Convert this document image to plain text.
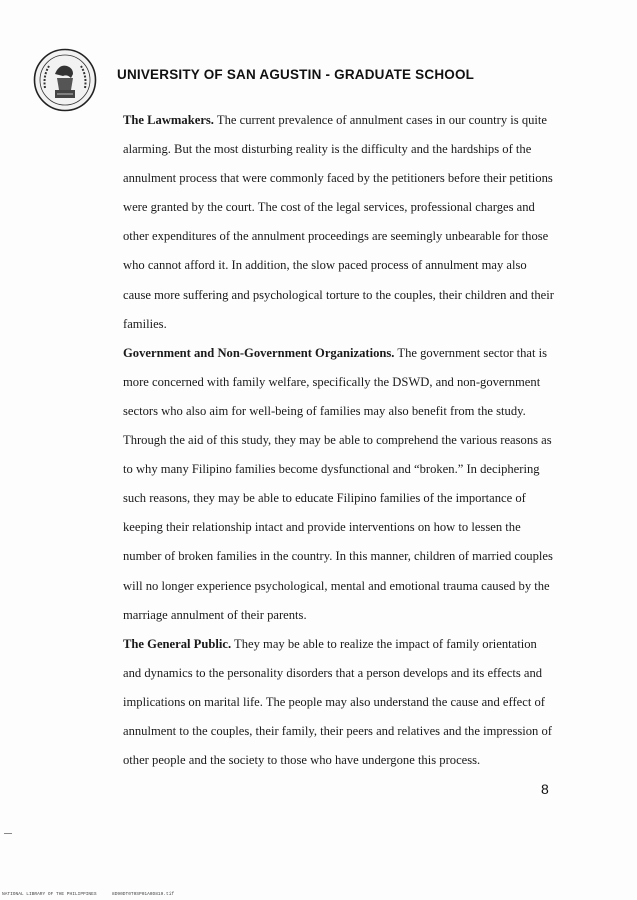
UNIVERSITY OF SAN AGUSTIN - GRADUATE SCHOOL

The Lawmakers. The current prevalence of annulment cases in our country is quite alarming. But the most disturbing reality is the difficulty and the hardships of the annulment process that were commonly faced by the petitioners before their petitions were granted by the court. The cost of the legal services, professional charges and other expenditures of the annulment proceedings are seemingly unbearable for those who cannot afford it. In addition, the slow paced process of annulment may also cause more suffering and psychological torture to the couples, their children and their families.

Government and Non-Government Organizations. The government sector that is more concerned with family welfare, specifically the DSWD, and non-government sectors who also aim for well-being of families may also benefit from the study. Through the aid of this study, they may be able to comprehend the various reasons as to why many Filipino families become dysfunctional and “broken.” In deciphering such reasons, they may be able to educate Filipino families of the importance of keeping their relationship intact and provide interventions on how to lessen the number of broken families in the country. In this manner, children of married couples will no longer experience psychological, mental and emotional trauma caused by the marriage annulment of their parents.

The General Public. They may be able to realize the impact of family orientation and dynamics to the personality disorders that a person develops and its effects and implications on marital life. The people may also understand the cause and effect of annulment to the couples, their family, their peers and relatives and the impression of other people and the society to those who have undergone this process.

8
NATIONAL LIBRARY OF THE PHILIPPINES	8D90DT0T0SP01A0D819.tif
